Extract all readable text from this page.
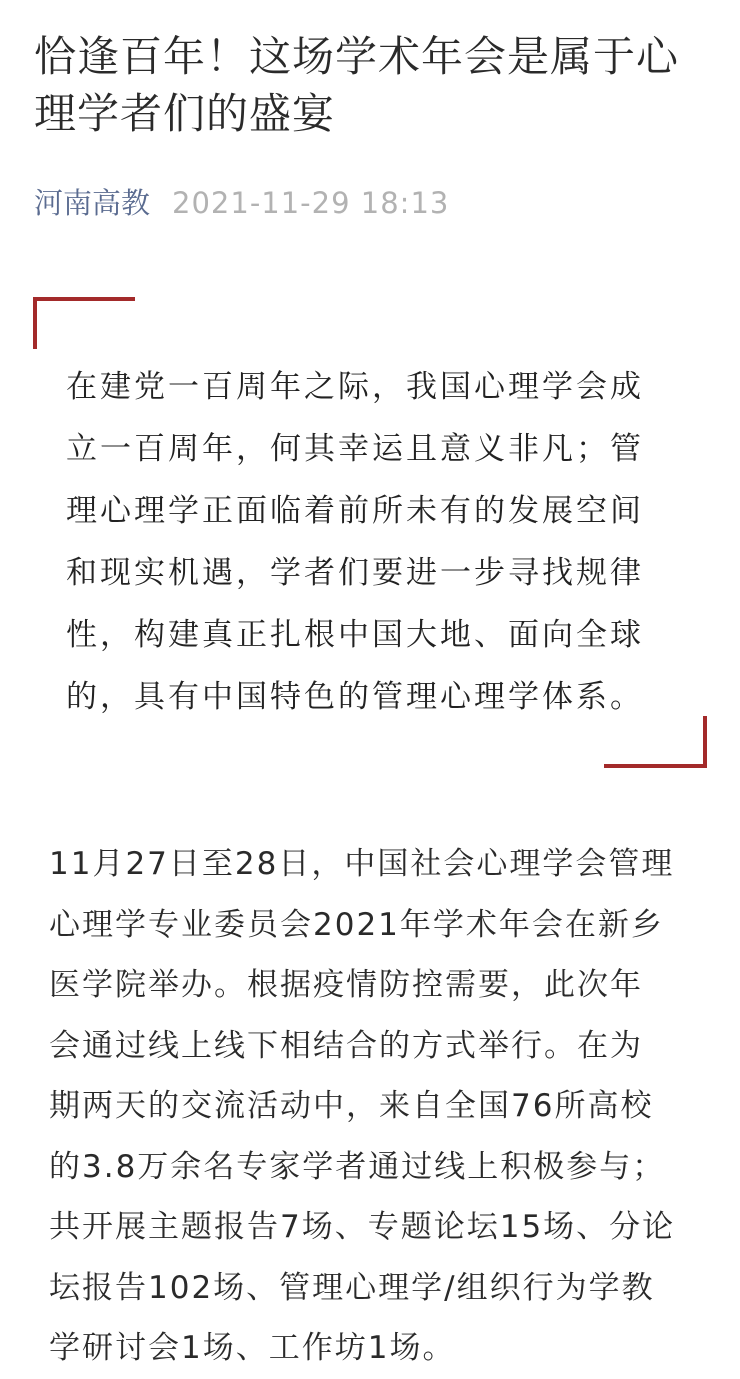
恰逢百年！这场学术年会是属于心理学者们的盛宴
河南高教 2021-11-29 18:13
在建党一百周年之际，我国心理学会成
立一百周年，何其幸运且意义非凡；管
理心理学正面临着前所未有的发展空间
和现实机遇，学者们要进一步寻找规律
性，构建真正扎根中国大地、面向全球
的，具有中国特色的管理心理学体系。
11月27日至28日，中国社会心理学会管理
心理学专业委员会2021年学术年会在新乡
医学院举办。根据疫情防控需要，此次年
会通过线上线下相结合的方式举行。在为
期两天的交流活动中，来自全国76所高校
的3.8万余名专家学者通过线上积极参与；
共开展主题报告7场、专题论坛15场、分论
坛报告102场、管理心理学/组织行为学教
学研讨会1场、工作坊1场。
